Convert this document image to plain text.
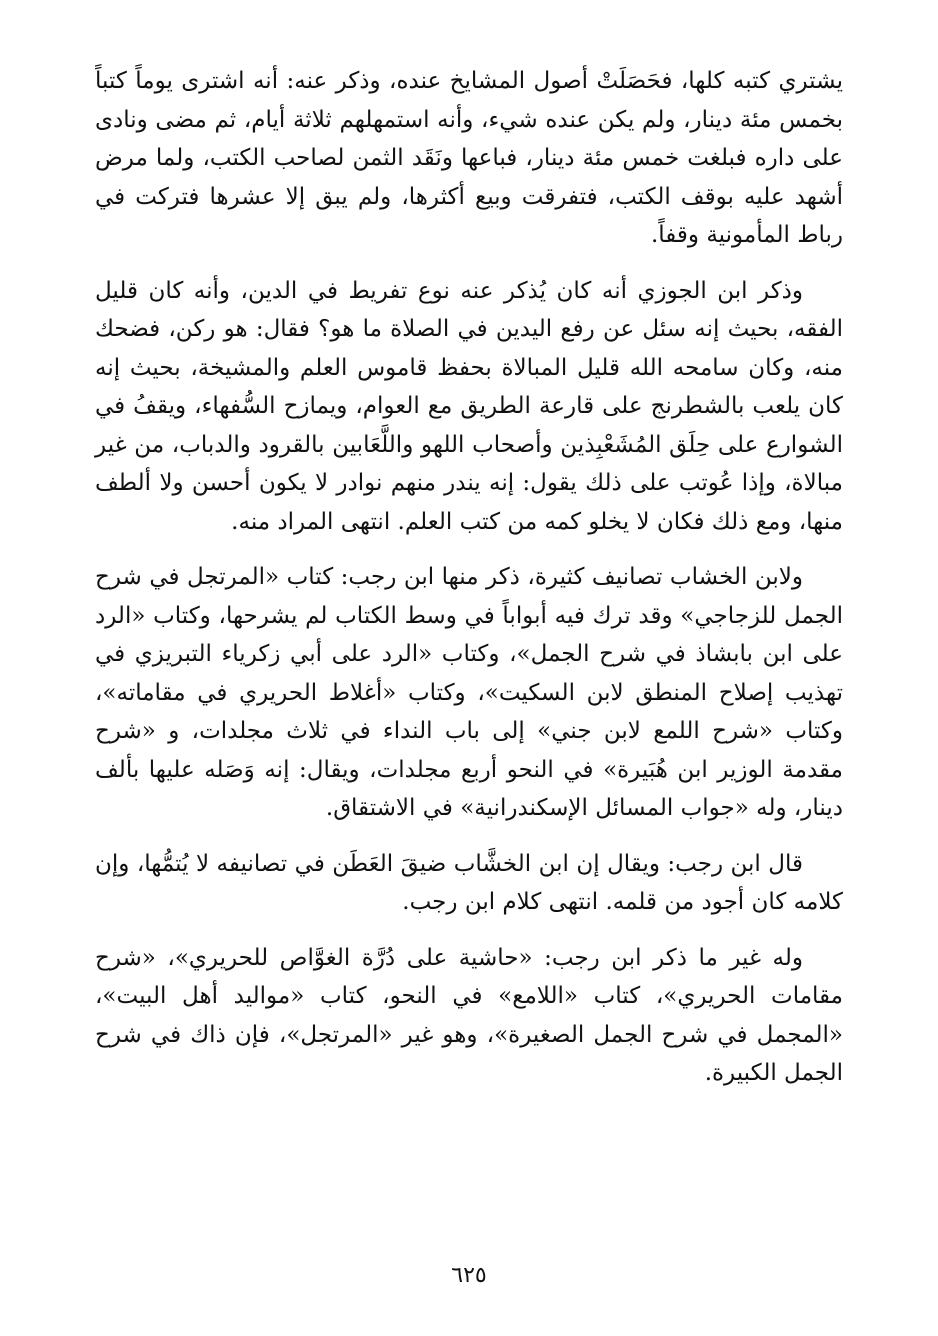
يشتري كتبه كلها، فحَصَلَتْ أصول المشايخ عنده، وذكر عنه: أنه اشترى يوماً كتباً بخمس مئة دينار، ولم يكن عنده شيء، وأنه استمهلهم ثلاثة أيام، ثم مضى ونادى على داره فبلغت خمس مئة دينار، فباعها ونَقَد الثمن لصاحب الكتب، ولما مرض أشهد عليه بوقف الكتب، فتفرقت وبيع أكثرها، ولم يبق إلا عشرها فتركت في رباط المأمونية وقفاً.

وذكر ابن الجوزي أنه كان يُذكر عنه نوع تفريط في الدين، وأنه كان قليل الفقه، بحيث إنه سئل عن رفع اليدين في الصلاة ما هو؟ فقال: هو ركن، فضحك منه، وكان سامحه الله قليل المبالاة بحفظ قاموس العلم والمشيخة، بحيث إنه كان يلعب بالشطرنج على قارعة الطريق مع العوام، ويمازح السُّفهاء، ويقفُ في الشوارع على حِلَق المُشَعْبِذين وأصحاب اللهو واللَّعَابين بالقرود والدباب، من غير مبالاة، وإذا عُوتب على ذلك يقول: إنه يندر منهم نوادر لا يكون أحسن ولا ألطف منها، ومع ذلك فكان لا يخلو كمه من كتب العلم. انتهى المراد منه.

ولابن الخشاب تصانيف كثيرة، ذكر منها ابن رجب: كتاب «المرتجل في شرح الجمل للزجاجي» وقد ترك فيه أبواباً في وسط الكتاب لم يشرحها، وكتاب «الرد على ابن بابشاذ في شرح الجمل»، وكتاب «الرد على أبي زكرياء التبريزي في تهذيب إصلاح المنطق لابن السكيت»، وكتاب «أغلاط الحريري في مقاماته»، وكتاب «شرح اللمع لابن جني» إلى باب النداء في ثلاث مجلدات، و «شرح مقدمة الوزير ابن هُبَيرة» في النحو أربع مجلدات، ويقال: إنه وَصَله عليها بألف دينار، وله «جواب المسائل الإسكندرانية» في الاشتقاق.

قال ابن رجب: ويقال إن ابن الخشَّاب ضيقَ العَطَن في تصانيفه لا يُتمُّها، وإن كلامه كان أجود من قلمه. انتهى كلام ابن رجب.

وله غير ما ذكر ابن رجب: «حاشية على دُرَّة الغوَّاص للحريري»، «شرح مقامات الحريري»، كتاب «اللامع» في النحو، كتاب «مواليد أهل البيت»، «المجمل في شرح الجمل الصغيرة»، وهو غير «المرتجل»، فإن ذاك في شرح الجمل الكبيرة.

٦٢٥
